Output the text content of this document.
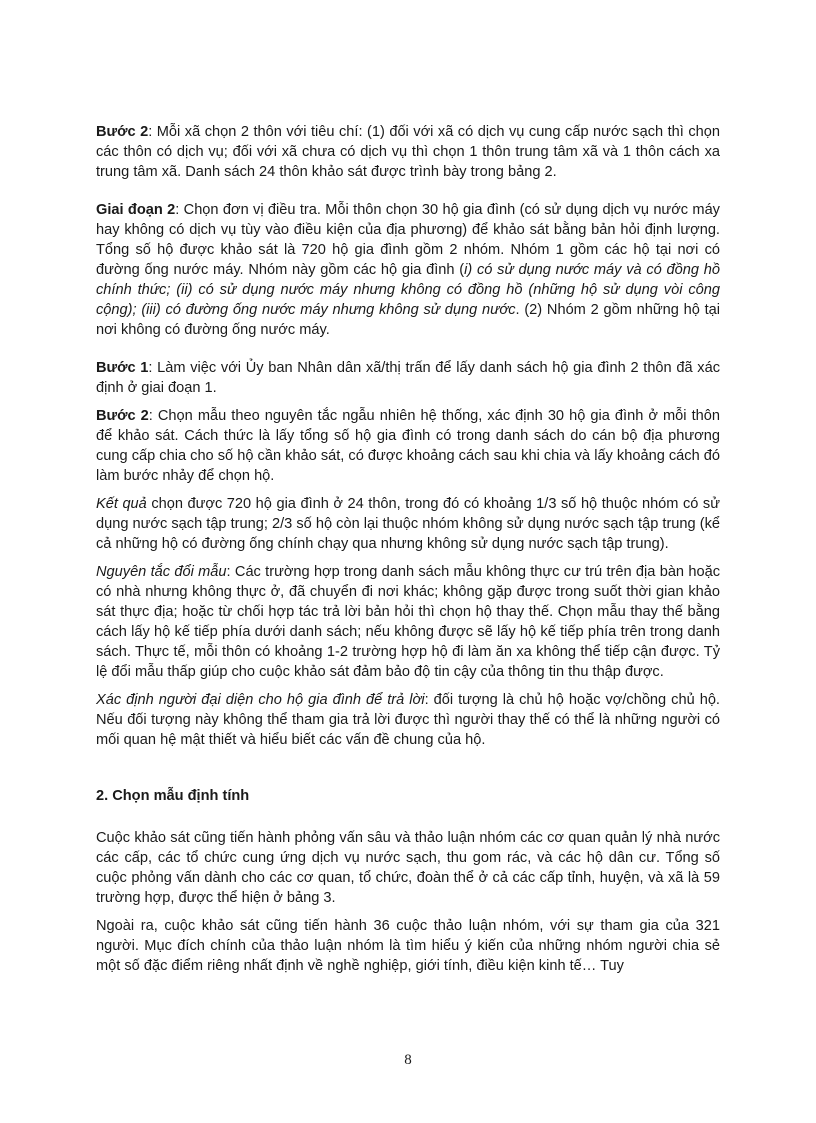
Bước 2: Mỗi xã chọn 2 thôn với tiêu chí: (1) đối với xã có dịch vụ cung cấp nước sạch thì chọn các thôn có dịch vụ; đối với xã chưa có dịch vụ thì chọn 1 thôn trung tâm xã và 1 thôn cách xa trung tâm xã. Danh sách 24 thôn khảo sát được trình bày trong bảng 2.

Giai đoạn 2: Chọn đơn vị điều tra. Mỗi thôn chọn 30 hộ gia đình (có sử dụng dịch vụ nước máy hay không có dịch vụ tùy vào điều kiện của địa phương) để khảo sát bằng bản hỏi định lượng. Tổng số hộ được khảo sát là 720 hộ gia đình gồm 2 nhóm. Nhóm 1 gồm các hộ tại nơi có đường ống nước máy. Nhóm này gồm các hộ gia đình (i) có sử dụng nước máy và có đồng hồ chính thức; (ii) có sử dụng nước máy nhưng không có đồng hồ (những hộ sử dụng vòi công cộng); (iii) có đường ống nước máy nhưng không sử dụng nước. (2) Nhóm 2 gồm những hộ tại nơi không có đường ống nước máy.

Bước 1: Làm việc với Ủy ban Nhân dân xã/thị trấn để lấy danh sách hộ gia đình 2 thôn đã xác định ở giai đoạn 1.

Bước 2: Chọn mẫu theo nguyên tắc ngẫu nhiên hệ thống, xác định 30 hộ gia đình ở mỗi thôn để khảo sát. Cách thức là lấy tổng số hộ gia đình có trong danh sách do cán bộ địa phương cung cấp chia cho số hộ cần khảo sát, có được khoảng cách sau khi chia và lấy khoảng cách đó làm bước nhảy để chọn hộ.

Kết quả chọn được 720 hộ gia đình ở 24 thôn, trong đó có khoảng 1/3 số hộ thuộc nhóm có sử dụng nước sạch tập trung; 2/3 số hộ còn lại thuộc nhóm không sử dụng nước sạch tập trung (kể cả những hộ có đường ống chính chạy qua nhưng không sử dụng nước sạch tập trung).

Nguyên tắc đổi mẫu: Các trường hợp trong danh sách mẫu không thực cư trú trên địa bàn hoặc có nhà nhưng không thực ở, đã chuyển đi nơi khác; không gặp được trong suốt thời gian khảo sát thực địa; hoặc từ chối hợp tác trả lời bản hỏi thì chọn hộ thay thế. Chọn mẫu thay thế bằng cách lấy hộ kế tiếp phía dưới danh sách; nếu không được sẽ lấy hộ kế tiếp phía trên trong danh sách. Thực tế, mỗi thôn có khoảng 1-2 trường hợp hộ đi làm ăn xa không thể tiếp cận được. Tỷ lệ đổi mẫu thấp giúp cho cuộc khảo sát đảm bảo độ tin cậy của thông tin thu thập được.

Xác định người đại diện cho hộ gia đình để trả lời: đối tượng là chủ hộ hoặc vợ/chồng chủ hộ. Nếu đối tượng này không thể tham gia trả lời được thì người thay thế có thể là những người có mối quan hệ mật thiết và hiểu biết các vấn đề chung của hộ.

2. Chọn mẫu định tính

Cuộc khảo sát cũng tiến hành phỏng vấn sâu và thảo luận nhóm các cơ quan quản lý nhà nước các cấp, các tổ chức cung ứng dịch vụ nước sạch, thu gom rác, và các hộ dân cư. Tổng số cuộc phỏng vấn dành cho các cơ quan, tổ chức, đoàn thể ở cả các cấp tỉnh, huyện, và xã là 59 trường hợp, được thể hiện ở bảng 3.

Ngoài ra, cuộc khảo sát cũng tiến hành 36 cuộc thảo luận nhóm, với sự tham gia của 321 người. Mục đích chính của thảo luận nhóm là tìm hiểu ý kiến của những nhóm người chia sẻ một số đặc điểm riêng nhất định về nghề nghiệp, giới tính, điều kiện kinh tế… Tuy

8
